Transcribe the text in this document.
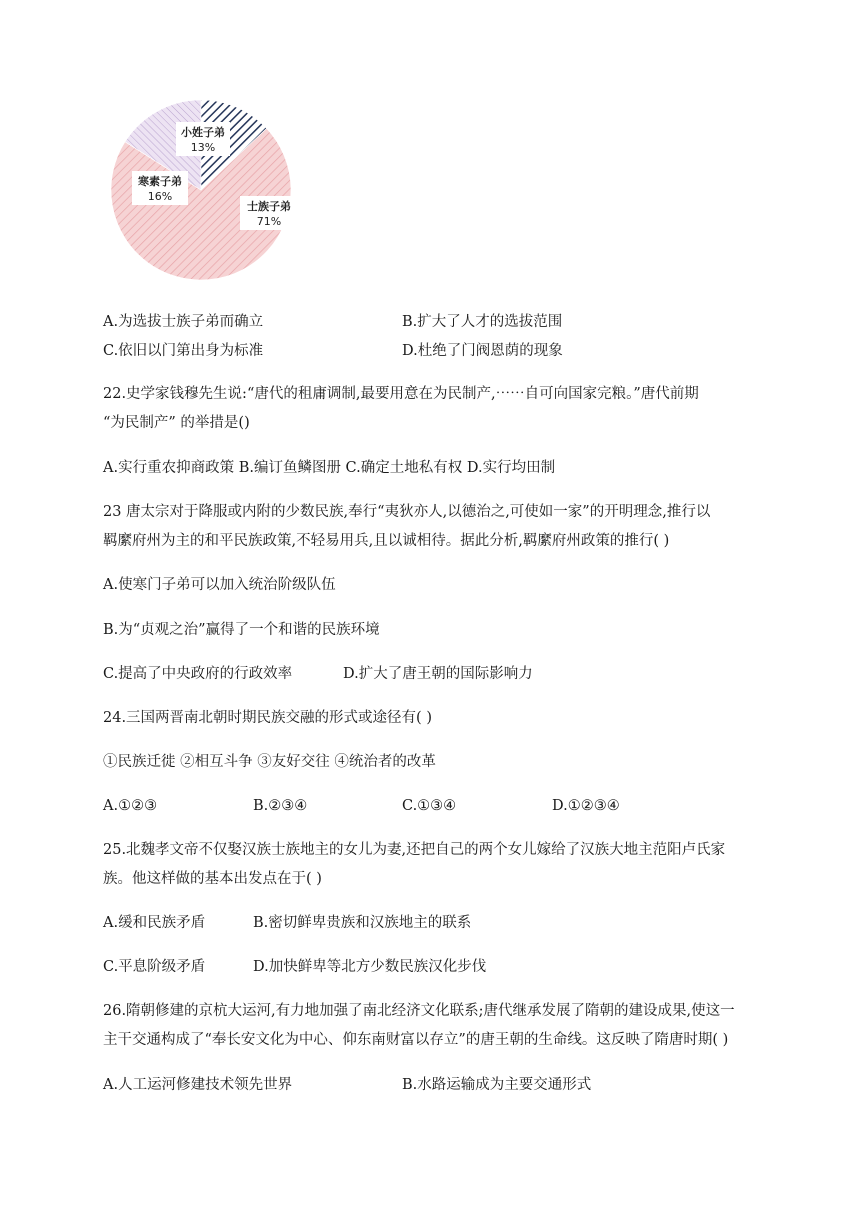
士族子弟
71%
寒素子弟
16%
小姓子弟
13%
A.为选拔士族子弟而确立	B.扩大了人才的选拔范围
C.依旧以门第出身为标准	D.杜绝了门阀恩荫的现象
22.史学家钱穆先生说:“唐代的租庸调制,最要用意在为民制产,⋯⋯自可向国家完粮。”唐代前期
“为民制产” 的举措是()
A.实行重农抑商政策 B.编订鱼鳞图册 C.确定土地私有权 D.实行均田制
23 唐太宗对于降服或内附的少数民族,奉行“夷狄亦人,以德治之,可使如一家”的开明理念,推行以
羁縻府州为主的和平民族政策,不轻易用兵,且以诚相待。据此分析,羁縻府州政策的推行( )
A.使寒门子弟可以加入统治阶级队伍
B.为“贞观之治”赢得了一个和谐的民族环境
C.提高了中央政府的行政效率	D.扩大了唐王朝的国际影响力
24.三国两晋南北朝时期民族交融的形式或途径有( )
①民族迁徙 ②相互斗争 ③友好交往 ④统治者的改革
A.①②③	B.②③④	C.①③④	D.①②③④
25.北魏孝文帝不仅娶汉族士族地主的女儿为妻,还把自己的两个女儿嫁给了汉族大地主范阳卢氏家
族。他这样做的基本出发点在于( )
A.缓和民族矛盾	B.密切鲜卑贵族和汉族地主的联系
C.平息阶级矛盾	D.加快鲜卑等北方少数民族汉化步伐
26.隋朝修建的京杭大运河,有力地加强了南北经济文化联系;唐代继承发展了隋朝的建设成果,使这一
主干交通构成了“奉长安文化为中心、仰东南财富以存立”的唐王朝的生命线。这反映了隋唐时期( )
A.人工运河修建技术领先世界	B.水路运输成为主要交通形式
